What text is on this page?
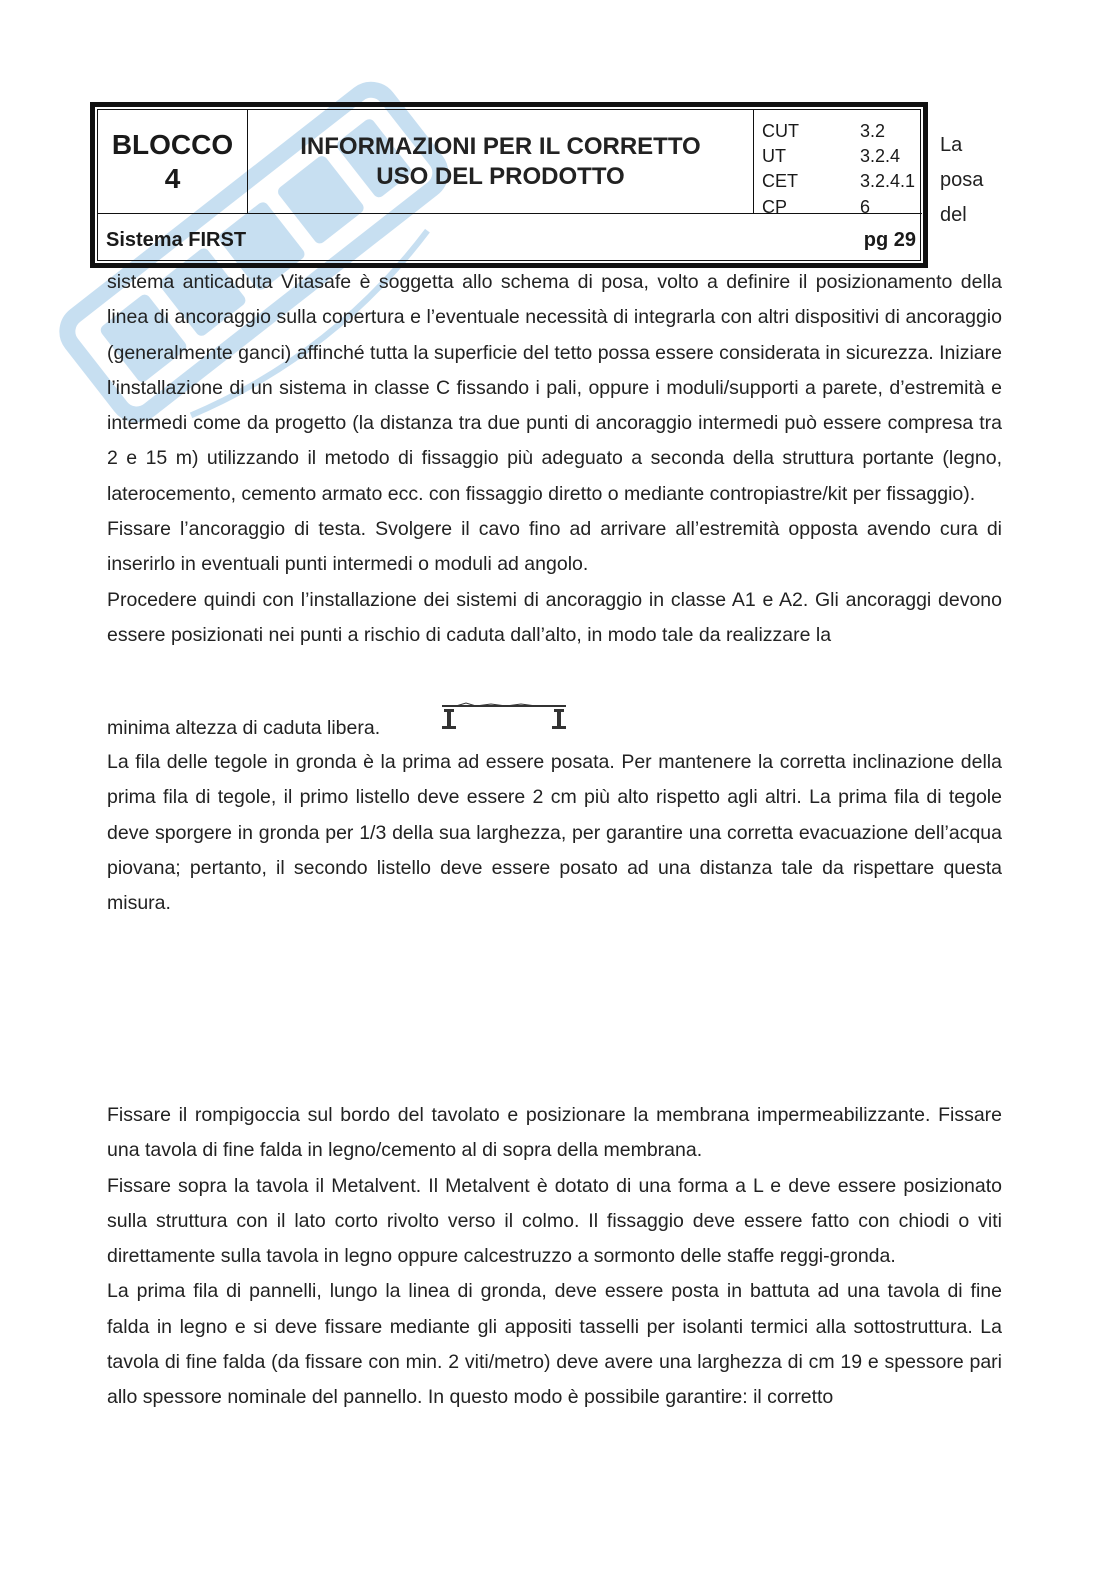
BLOCCO
4
INFORMAZIONI PER IL CORRETTO
USO DEL PRODOTTO
CUT	3.2
UT	3.2.4
CET	3.2.4.1
CP	6
Sistema FIRST	pg 29
La
posa
del

sistema anticaduta Vitasafe è soggetta allo schema di posa, volto a definire il posizionamento della linea di ancoraggio sulla copertura e l’eventuale necessità di integrarla con altri dispositivi di ancoraggio (generalmente ganci) affinché tutta la superficie del tetto possa essere considerata in sicurezza. Iniziare l’installazione di un sistema in classe C fissando i pali, oppure i moduli/supporti a parete, d’estremità e intermedi come da progetto (la distanza tra due punti di ancoraggio intermedi può essere compresa tra 2 e 15 m) utilizzando il metodo di fissaggio più adeguato a seconda della struttura portante (legno, laterocemento, cemento armato ecc. con fissaggio diretto o mediante contropiastre/kit per fissaggio).

Fissare l’ancoraggio di testa. Svolgere il cavo fino ad arrivare all’estremità opposta avendo cura di inserirlo in eventuali punti intermedi o moduli ad angolo.

Procedere quindi con l’installazione dei sistemi di ancoraggio in classe A1 e A2. Gli ancoraggi devono essere posizionati nei punti a rischio di caduta dall’alto, in modo tale da realizzare la

minima altezza di caduta libera.

La fila delle tegole in gronda è la prima ad essere posata. Per mantenere la corretta inclinazione della prima fila di tegole, il primo listello deve essere 2 cm più alto rispetto agli altri. La prima fila di tegole deve sporgere in gronda per 1/3 della sua larghezza, per garantire una corretta evacuazione dell’acqua piovana; pertanto, il secondo listello deve essere posato ad una distanza tale da rispettare questa misura.

Fissare il rompigoccia sul bordo del tavolato e posizionare la membrana impermeabilizzante. Fissare una tavola di fine falda in legno/cemento al di sopra della membrana.

Fissare sopra la tavola il Metalvent. Il Metalvent è dotato di una forma a L e deve essere posizionato sulla struttura con il lato corto rivolto verso il colmo. Il fissaggio deve essere fatto con chiodi o viti direttamente sulla tavola in legno oppure calcestruzzo a sormonto delle staffe reggi-gronda.

La prima fila di pannelli, lungo la linea di gronda, deve essere posta in battuta ad una tavola di fine falda in legno e si deve fissare mediante gli appositi tasselli per isolanti termici alla sottostruttura. La tavola di fine falda (da fissare con min. 2 viti/metro) deve avere una larghezza di cm 19 e spessore pari allo spessore nominale del pannello. In questo modo è possibile garantire: il corretto
